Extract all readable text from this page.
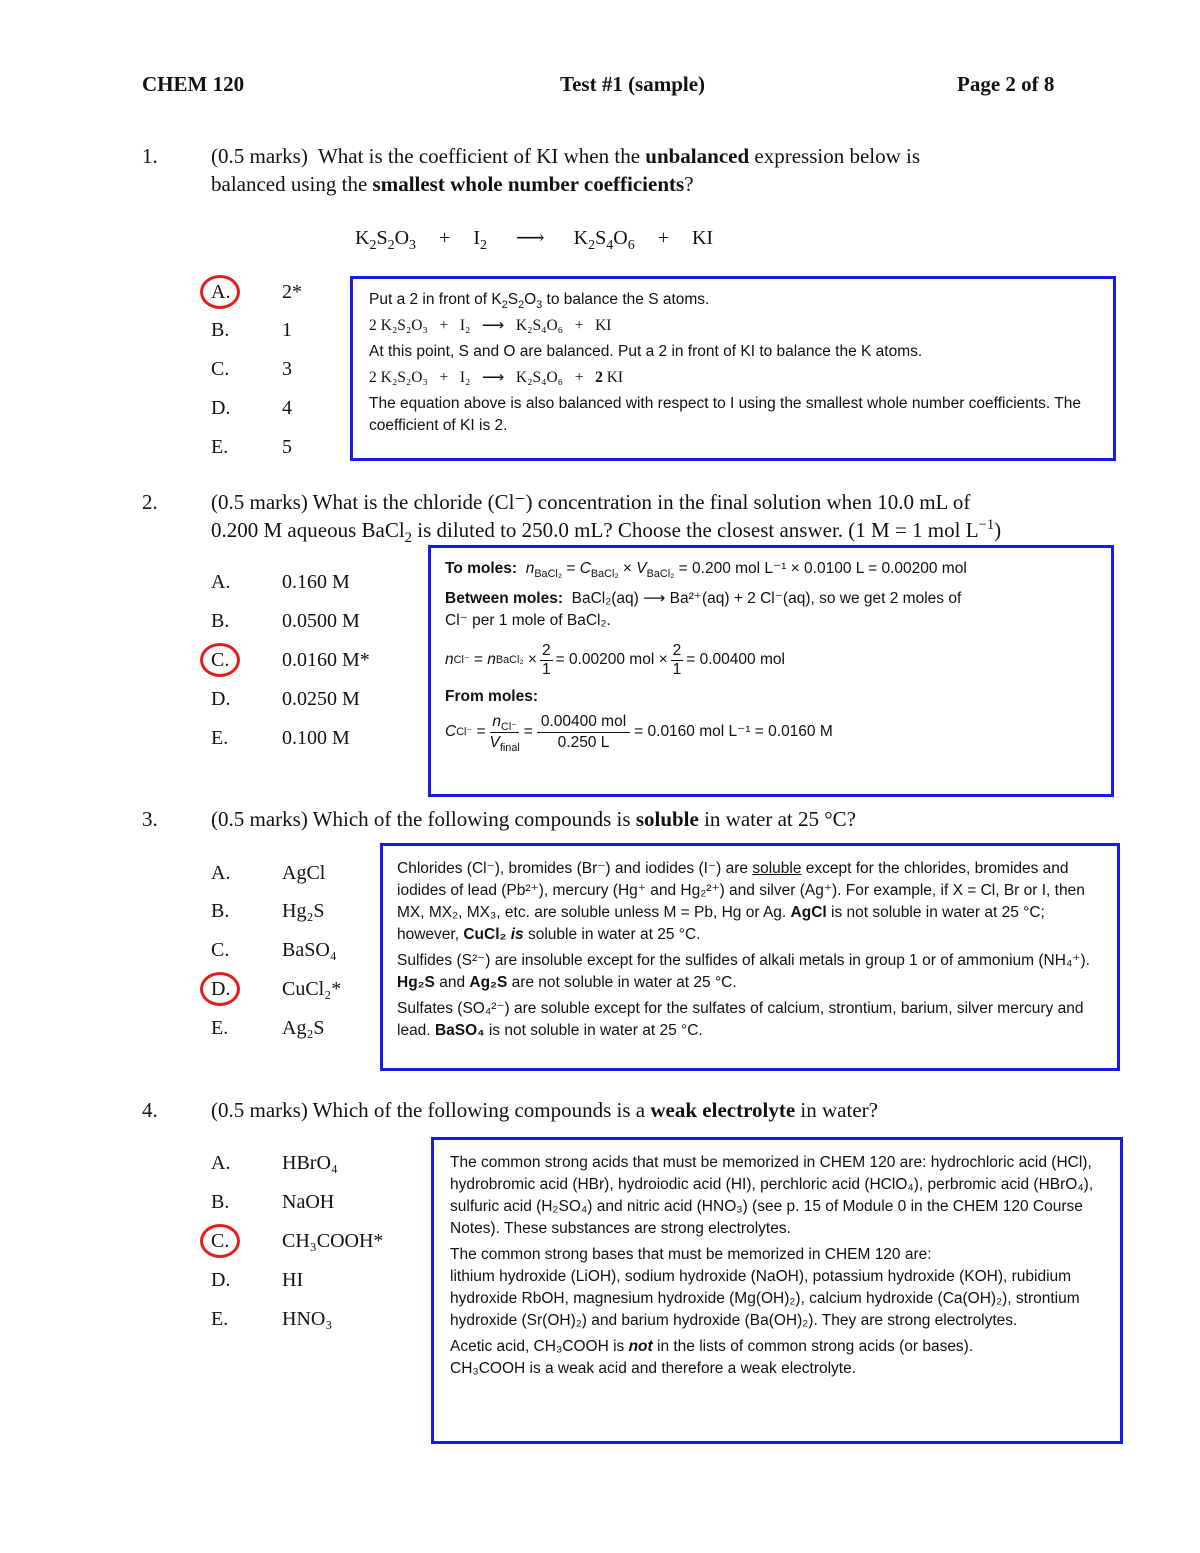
CHEM 120	Test #1 (sample)	Page 2 of 8
1.	(0.5 marks) What is the coefficient of KI when the unbalanced expression below is
balanced using the smallest whole number coefficients?
$K_2S_2O_3 + I_2$ ⟶ $K_2S_4O_6$ + KI
A.	2*
B.	1
C.	3
D.	4
E.	5

Put a 2 in front of $K_2S_2O_3$ to balance the S atoms.

2 K₂S₂O₃   +   I₂   ⟶   K₂S₄O₆   +   KI

At this point, S and O are balanced. Put a 2 in front of KI to balance the K atoms.

2 K₂S₂O₃   +   I₂   ⟶   K₂S₄O₆   + 2 KI

The equation above is also balanced with respect to I using the smallest whole number coefficients. The coefficient of KI is 2.

2.	(0.5 marks) What is the chloride (Cl⁻) concentration in the final solution when 10.0 mL of
0.200 M aqueous BaCl$_2$ is diluted to 250.0 mL? Choose the closest answer. (1 M = 1 mol $L^{-1}$)
A.	0.160 M
B.	0.0500 M
C.	0.0160 M*
D.	0.0250 M
E.	0.100 M
To moles: $n_{BaCl_2} = C_{BaCl_2} \times V_{BaCl_2} = 0.200$ mol L⁻¹ × 0.0100 L = 0.00200 mol
Between moles: BaCl₂(aq) ⟶ Ba²⁺(aq) + 2 Cl⁻(aq), so we get 2 moles of
Cl⁻ per 1 mole of BaCl₂.
n Cl⁻ = n BaCl₂ × $\frac{2}{1} = 0.00200$ mol × $\frac{2}{1} = 0.00400$ mol
From moles:
C Cl⁻ =
$n_{Cl^-}$
$V_{final}$
=
0.00400 mol
0.250 L
= 0.0160 mol L⁻¹ = 0.0160 M
3.	(0.5 marks) Which of the following compounds is soluble in water at 25 °C?
A.	AgCl
B.	Hg₂S
C.	BaSO₄
D.	CuCl₂*
E.	Ag₂S

Chlorides (Cl⁻), bromides (Br⁻) and iodides (I⁻) are soluble except for the chlorides, bromides and iodides of lead (Pb²⁺), mercury (Hg⁺ and Hg₂²⁺) and silver (Ag⁺). For example, if X = Cl, Br or I, then MX, MX₂, MX₃, etc. are soluble unless M = Pb, Hg or Ag. AgCl is not soluble in water at 25 °C; however, CuCl₂ is soluble in water at 25 °C.

Sulfides (S²⁻) are insoluble except for the sulfides of alkali metals in group 1 or of ammonium (NH₄⁺). Hg₂S and Ag₂S are not soluble in water at 25 °C.

Sulfates (SO₄²⁻) are soluble except for the sulfates of calcium, strontium, barium, silver mercury and lead. BaSO₄ is not soluble in water at 25 °C.

4.	(0.5 marks) Which of the following compounds is a weak electrolyte in water?
A.	HBrO₄
B.	NaOH
C.	CH₃COOH*
D.	HI
E.	HNO₃

The common strong acids that must be memorized in CHEM 120 are: hydrochloric acid (HCl), hydrobromic acid (HBr), hydroiodic acid (HI), perchloric acid (HClO₄), perbromic acid (HBrO₄), sulfuric acid (H₂SO₄) and nitric acid (HNO₃) (see p. 15 of Module 0 in the CHEM 120 Course Notes). These substances are strong electrolytes.

The common strong bases that must be memorized in CHEM 120 are:
lithium hydroxide (LiOH), sodium hydroxide (NaOH), potassium hydroxide (KOH), rubidium hydroxide RbOH, magnesium hydroxide (Mg(OH)₂), calcium hydroxide (Ca(OH)₂), strontium hydroxide (Sr(OH)₂) and barium hydroxide (Ba(OH)₂). They are strong electrolytes.

Acetic acid, CH₃COOH is not in the lists of common strong acids (or bases).
CH₃COOH is a weak acid and therefore a weak electrolyte.
